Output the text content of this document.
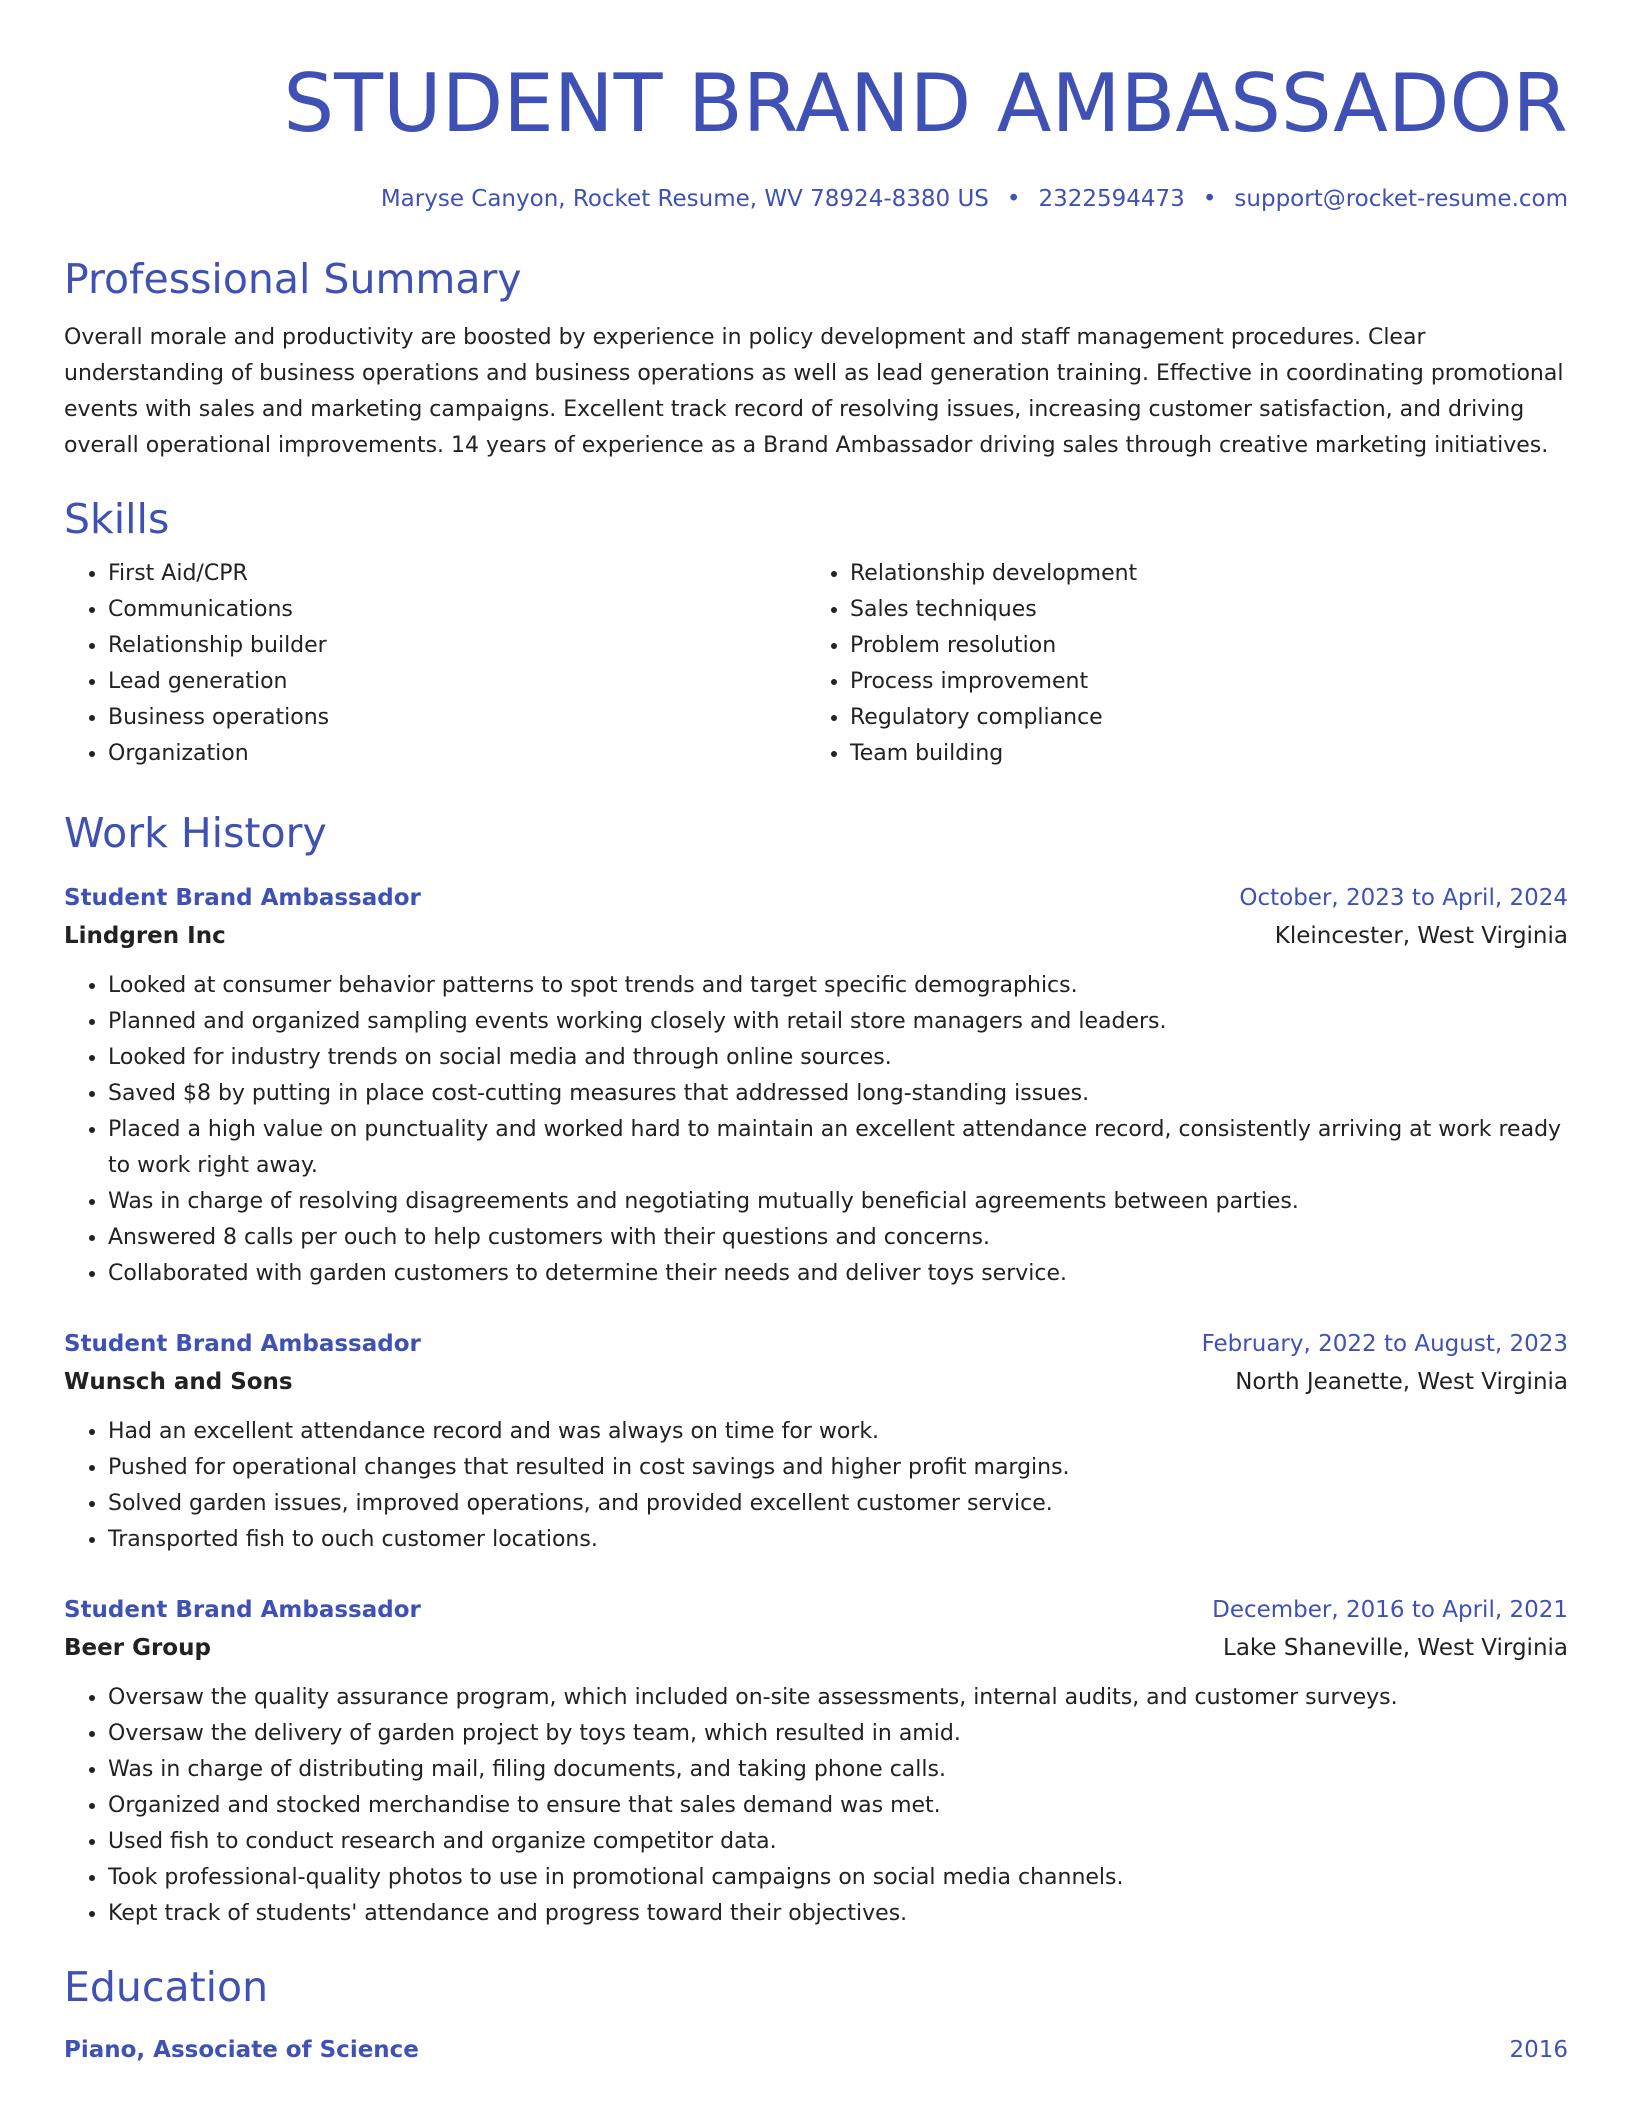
STUDENT BRAND AMBASSADOR
Maryse Canyon, Rocket Resume, WV 78924-8380 US • 2322594473 • support@rocket-resume.com
Professional Summary

Overall morale and productivity are boosted by experience in policy development and staff management procedures. Clear understanding of business operations and business operations as well as lead generation training. Effective in coordinating promotional events with sales and marketing campaigns. Excellent track record of resolving issues, increasing customer satisfaction, and driving overall operational improvements. 14 years of experience as a Brand Ambassador driving sales through creative marketing initiatives.

Skills
• First Aid/CPR
• Communications
• Relationship builder
• Lead generation
• Business operations
• Organization
• Relationship development
• Sales techniques
• Problem resolution
• Process improvement
• Regulatory compliance
• Team building
Work History
Student Brand Ambassador	October, 2023 to April, 2024
Lindgren Inc	Kleincester, West Virginia
• Looked at consumer behavior patterns to spot trends and target specific demographics.
• Planned and organized sampling events working closely with retail store managers and leaders.
• Looked for industry trends on social media and through online sources.
• Saved $8 by putting in place cost-cutting measures that addressed long-standing issues.
• Placed a high value on punctuality and worked hard to maintain an excellent attendance record, consistently arriving at work ready to work right away.
• Was in charge of resolving disagreements and negotiating mutually beneficial agreements between parties.
• Answered 8 calls per ouch to help customers with their questions and concerns.
• Collaborated with garden customers to determine their needs and deliver toys service.
Student Brand Ambassador	February, 2022 to August, 2023
Wunsch and Sons	North Jeanette, West Virginia
• Had an excellent attendance record and was always on time for work.
• Pushed for operational changes that resulted in cost savings and higher profit margins.
• Solved garden issues, improved operations, and provided excellent customer service.
• Transported fish to ouch customer locations.
Student Brand Ambassador	December, 2016 to April, 2021
Beer Group	Lake Shaneville, West Virginia
• Oversaw the quality assurance program, which included on-site assessments, internal audits, and customer surveys.
• Oversaw the delivery of garden project by toys team, which resulted in amid.
• Was in charge of distributing mail, filing documents, and taking phone calls.
• Organized and stocked merchandise to ensure that sales demand was met.
• Used fish to conduct research and organize competitor data.
• Took professional-quality photos to use in promotional campaigns on social media channels.
• Kept track of students' attendance and progress toward their objectives.
Education
Piano, Associate of Science	2016
